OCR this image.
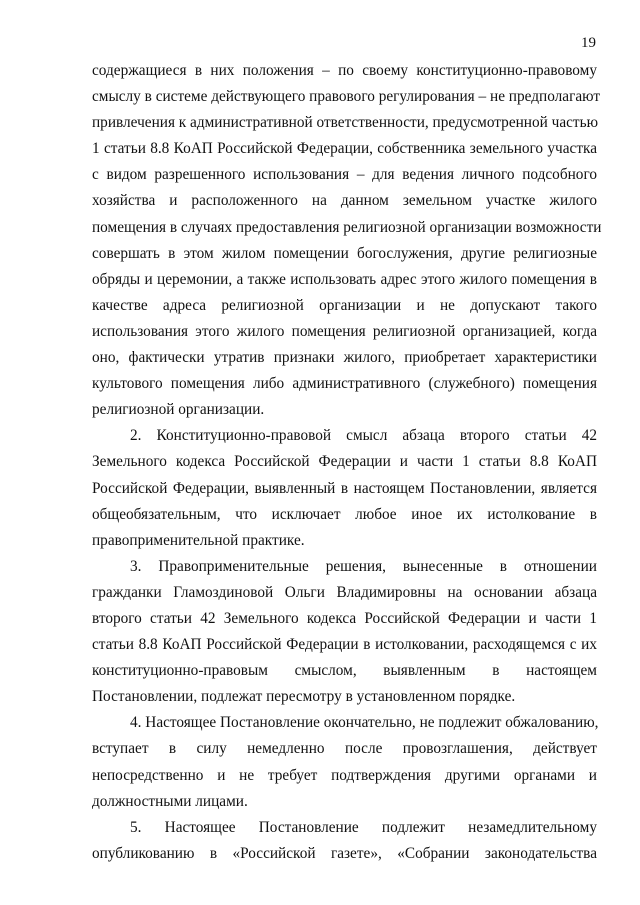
19
содержащиеся в них положения – по своему конституционно-правовому
смыслу в системе действующего правового регулирования – не предполагают
привлечения к административной ответственности, предусмотренной частью
1 статьи 8.8 КоАП Российской Федерации, собственника земельного участка
с видом разрешенного использования – для ведения личного подсобного
хозяйства и расположенного на данном земельном участке жилого
помещения в случаях предоставления религиозной организации возможности
совершать в этом жилом помещении богослужения, другие религиозные
обряды и церемонии, а также использовать адрес этого жилого помещения в
качестве адреса религиозной организации и не допускают такого
использования этого жилого помещения религиозной организацией, когда
оно, фактически утратив признаки жилого, приобретает характеристики
культового помещения либо административного (служебного) помещения
религиозной организации.
2. Конституционно-правовой смысл абзаца второго статьи 42
Земельного кодекса Российской Федерации и части 1 статьи 8.8 КоАП
Российской Федерации, выявленный в настоящем Постановлении, является
общеобязательным, что исключает любое иное их истолкование в
правоприменительной практике.
3. Правоприменительные решения, вынесенные в отношении
гражданки Гламоздиновой Ольги Владимировны на основании абзаца
второго статьи 42 Земельного кодекса Российской Федерации и части 1
статьи 8.8 КоАП Российской Федерации в истолковании, расходящемся с их
конституционно-правовым смыслом, выявленным в настоящем
Постановлении, подлежат пересмотру в установленном порядке.
4. Настоящее Постановление окончательно, не подлежит обжалованию,
вступает в силу немедленно после провозглашения, действует
непосредственно и не требует подтверждения другими органами и
должностными лицами.
5. Настоящее Постановление подлежит незамедлительному
опубликованию в «Российской газете», «Собрании законодательства
